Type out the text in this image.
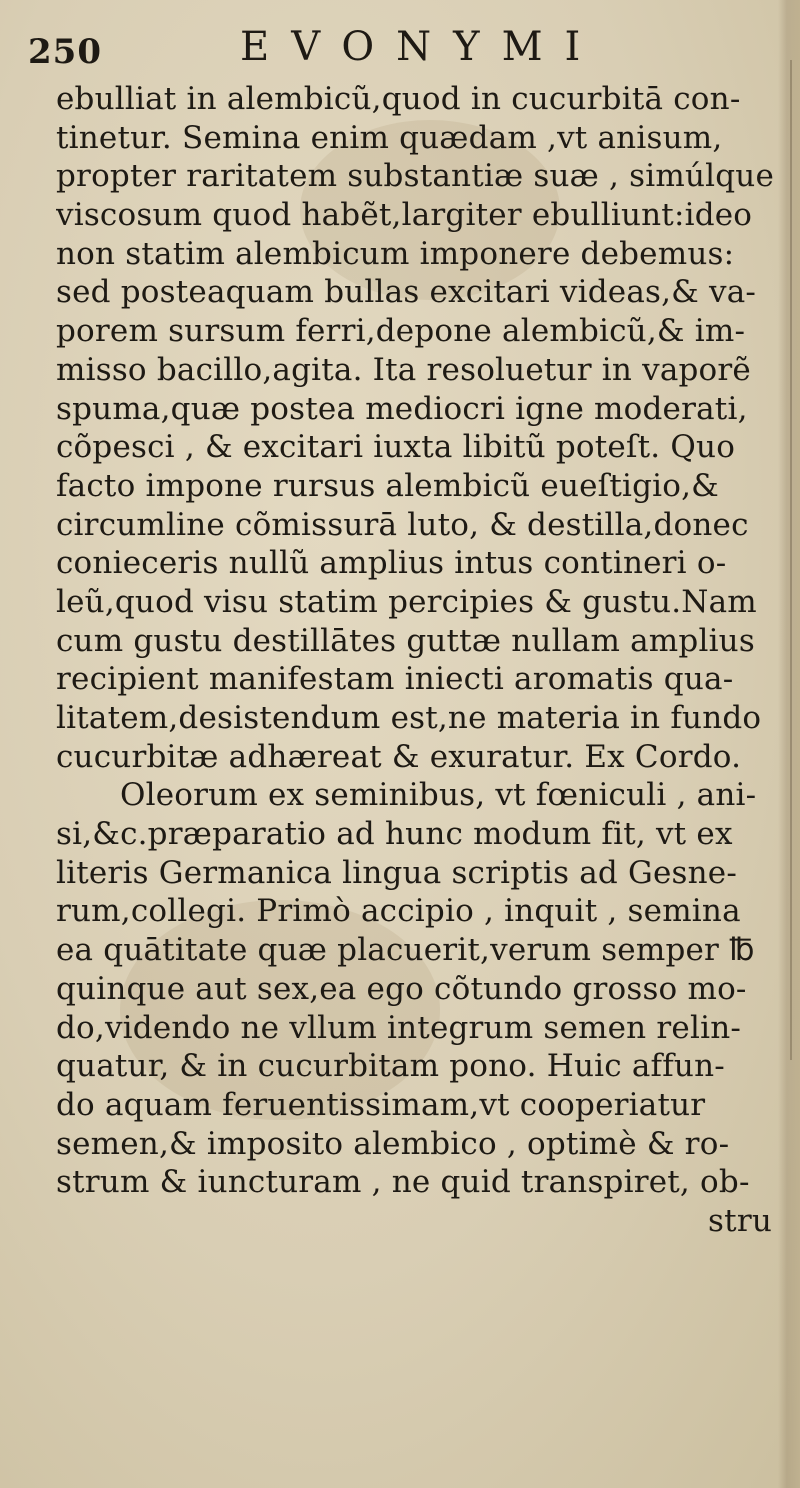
250	EVONYMI
ebulliat in alembicũ,quod in cucurbitā con-
tinetur. Semina enim quædam ,vt anisum,
propter raritatem substantiæ suæ , simúlque
viscosum quod habẽt,largiter ebulliunt:ideo
non statim alembicum imponere debemus:
sed posteaquam bullas excitari videas,& va-
porem sursum ferri,depone alembicũ,& im-
misso bacillo,agita. Ita resoluetur in vaporẽ
spuma,quæ postea mediocri igne moderati,
cõpesci , & excitari iuxta libitũ poteſt. Quo
facto impone rursus alembicũ eueſtigio,&
circumline cõmissurā luto, & destilla,donec
conieceris nullũ amplius intus contineri o-
leũ,quod visu statim percipies & gustu.Nam
cum gustu destillātes guttæ nullam amplius
recipient manifestam iniecti aromatis qua-
litatem,desistendum est,ne materia in fundo
cucurbitæ adhæreat & exuratur. Ex Cordo.
Oleorum ex seminibus, vt fœniculi , ani-
si,&c.præparatio ad hunc modum fit, vt ex
literis Germanica lingua scriptis ad Gesne-
rum,collegi. Primò accipio , inquit , semina
ea quātitate quæ placuerit,verum semper ℔
quinque aut sex,ea ego cõtundo grosso mo-
do,videndo ne vllum integrum semen relin-
quatur, & in cucurbitam pono. Huic affun-
do aquam feruentissimam,vt cooperiatur
semen,& imposito alembico , optimè & ro-
strum & iuncturam , ne quid transpiret, ob-
stru
